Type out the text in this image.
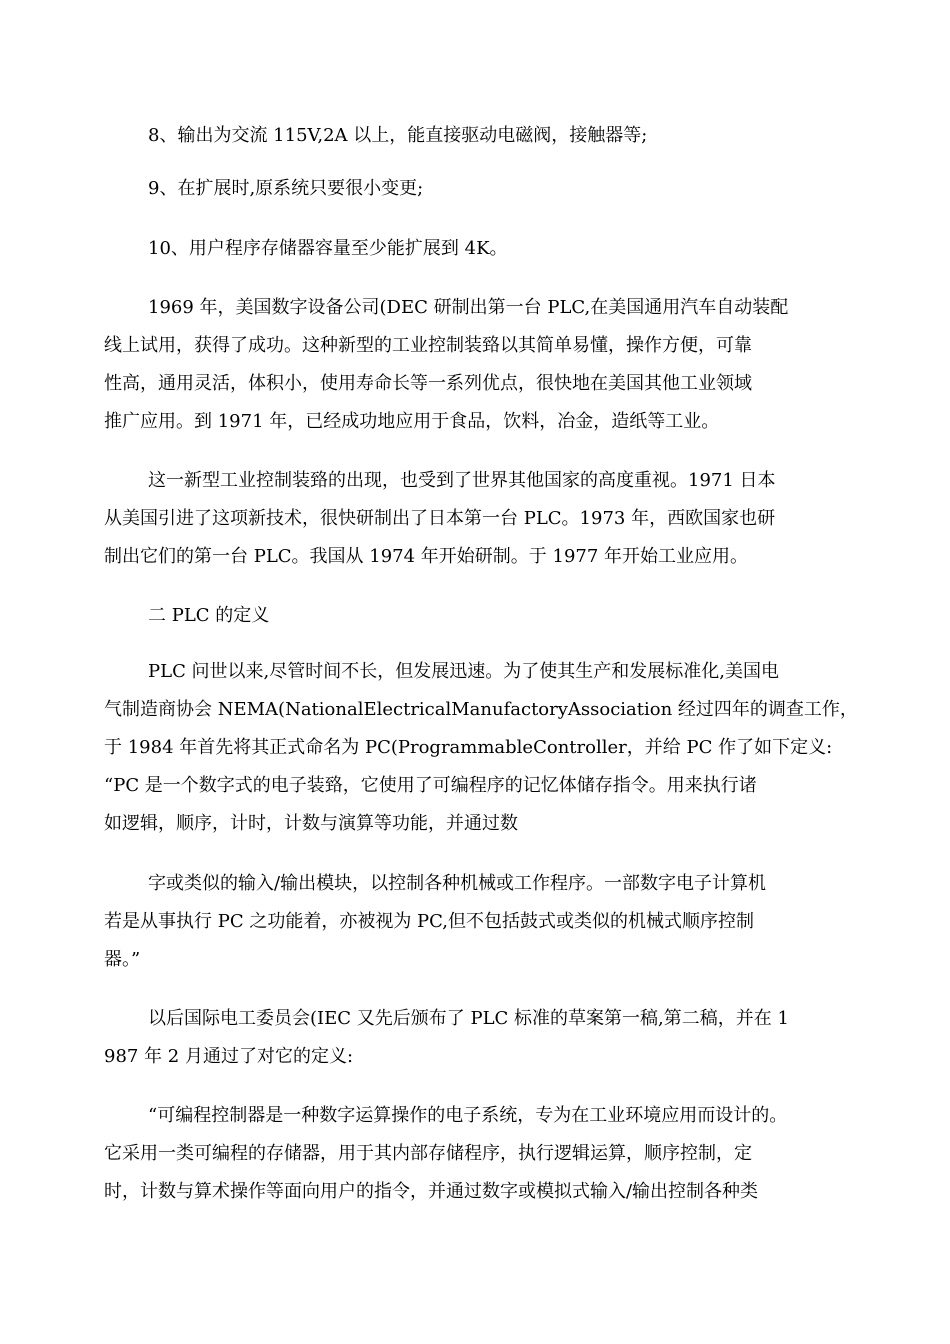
8、输出为交流 115V,2A 以上，能直接驱动电磁阀，接触器等;
9、在扩展时,原系统只要很小变更;
10、用户程序存储器容量至少能扩展到 4K。
1969 年，美国数字设备公司(DEC 研制出第一台 PLC,在美国通用汽车自动装配
线上试用，获得了成功。这种新型的工业控制装臵以其简单易懂，操作方便，可靠
性高，通用灵活，体积小，使用寿命长等一系列优点，很快地在美国其他工业领域
推广应用。到 1971 年，已经成功地应用于食品，饮料，冶金，造纸等工业。
这一新型工业控制装臵的出现，也受到了世界其他国家的高度重视。1971 日本
从美国引进了这项新技术，很快研制出了日本第一台 PLC。1973 年，西欧国家也研
制出它们的第一台 PLC。我国从 1974 年开始研制。于 1977 年开始工业应用。
二 PLC 的定义
PLC 问世以来,尽管时间不长，但发展迅速。为了使其生产和发展标准化,美国电
气制造商协会 NEMA(NationalElectricalManufactoryAssociation 经过四年的调查工作，
于 1984 年首先将其正式命名为 PC(ProgrammableController，并给 PC 作了如下定义:
“PC 是一个数字式的电子装臵，它使用了可编程序的记忆体储存指令。用来执行诸
如逻辑，顺序，计时，计数与演算等功能，并通过数
字或类似的输入/输出模块，以控制各种机械或工作程序。一部数字电子计算机
若是从事执行 PC 之功能着，亦被视为 PC,但不包括鼓式或类似的机械式顺序控制
器。”
以后国际电工委员会(IEC 又先后颁布了 PLC 标准的草案第一稿,第二稿，并在 1
987 年 2 月通过了对它的定义:
“可编程控制器是一种数字运算操作的电子系统，专为在工业环境应用而设计的。
它采用一类可编程的存储器，用于其内部存储程序，执行逻辑运算，顺序控制，定
时，计数与算术操作等面向用户的指令，并通过数字或模拟式输入/输出控制各种类
